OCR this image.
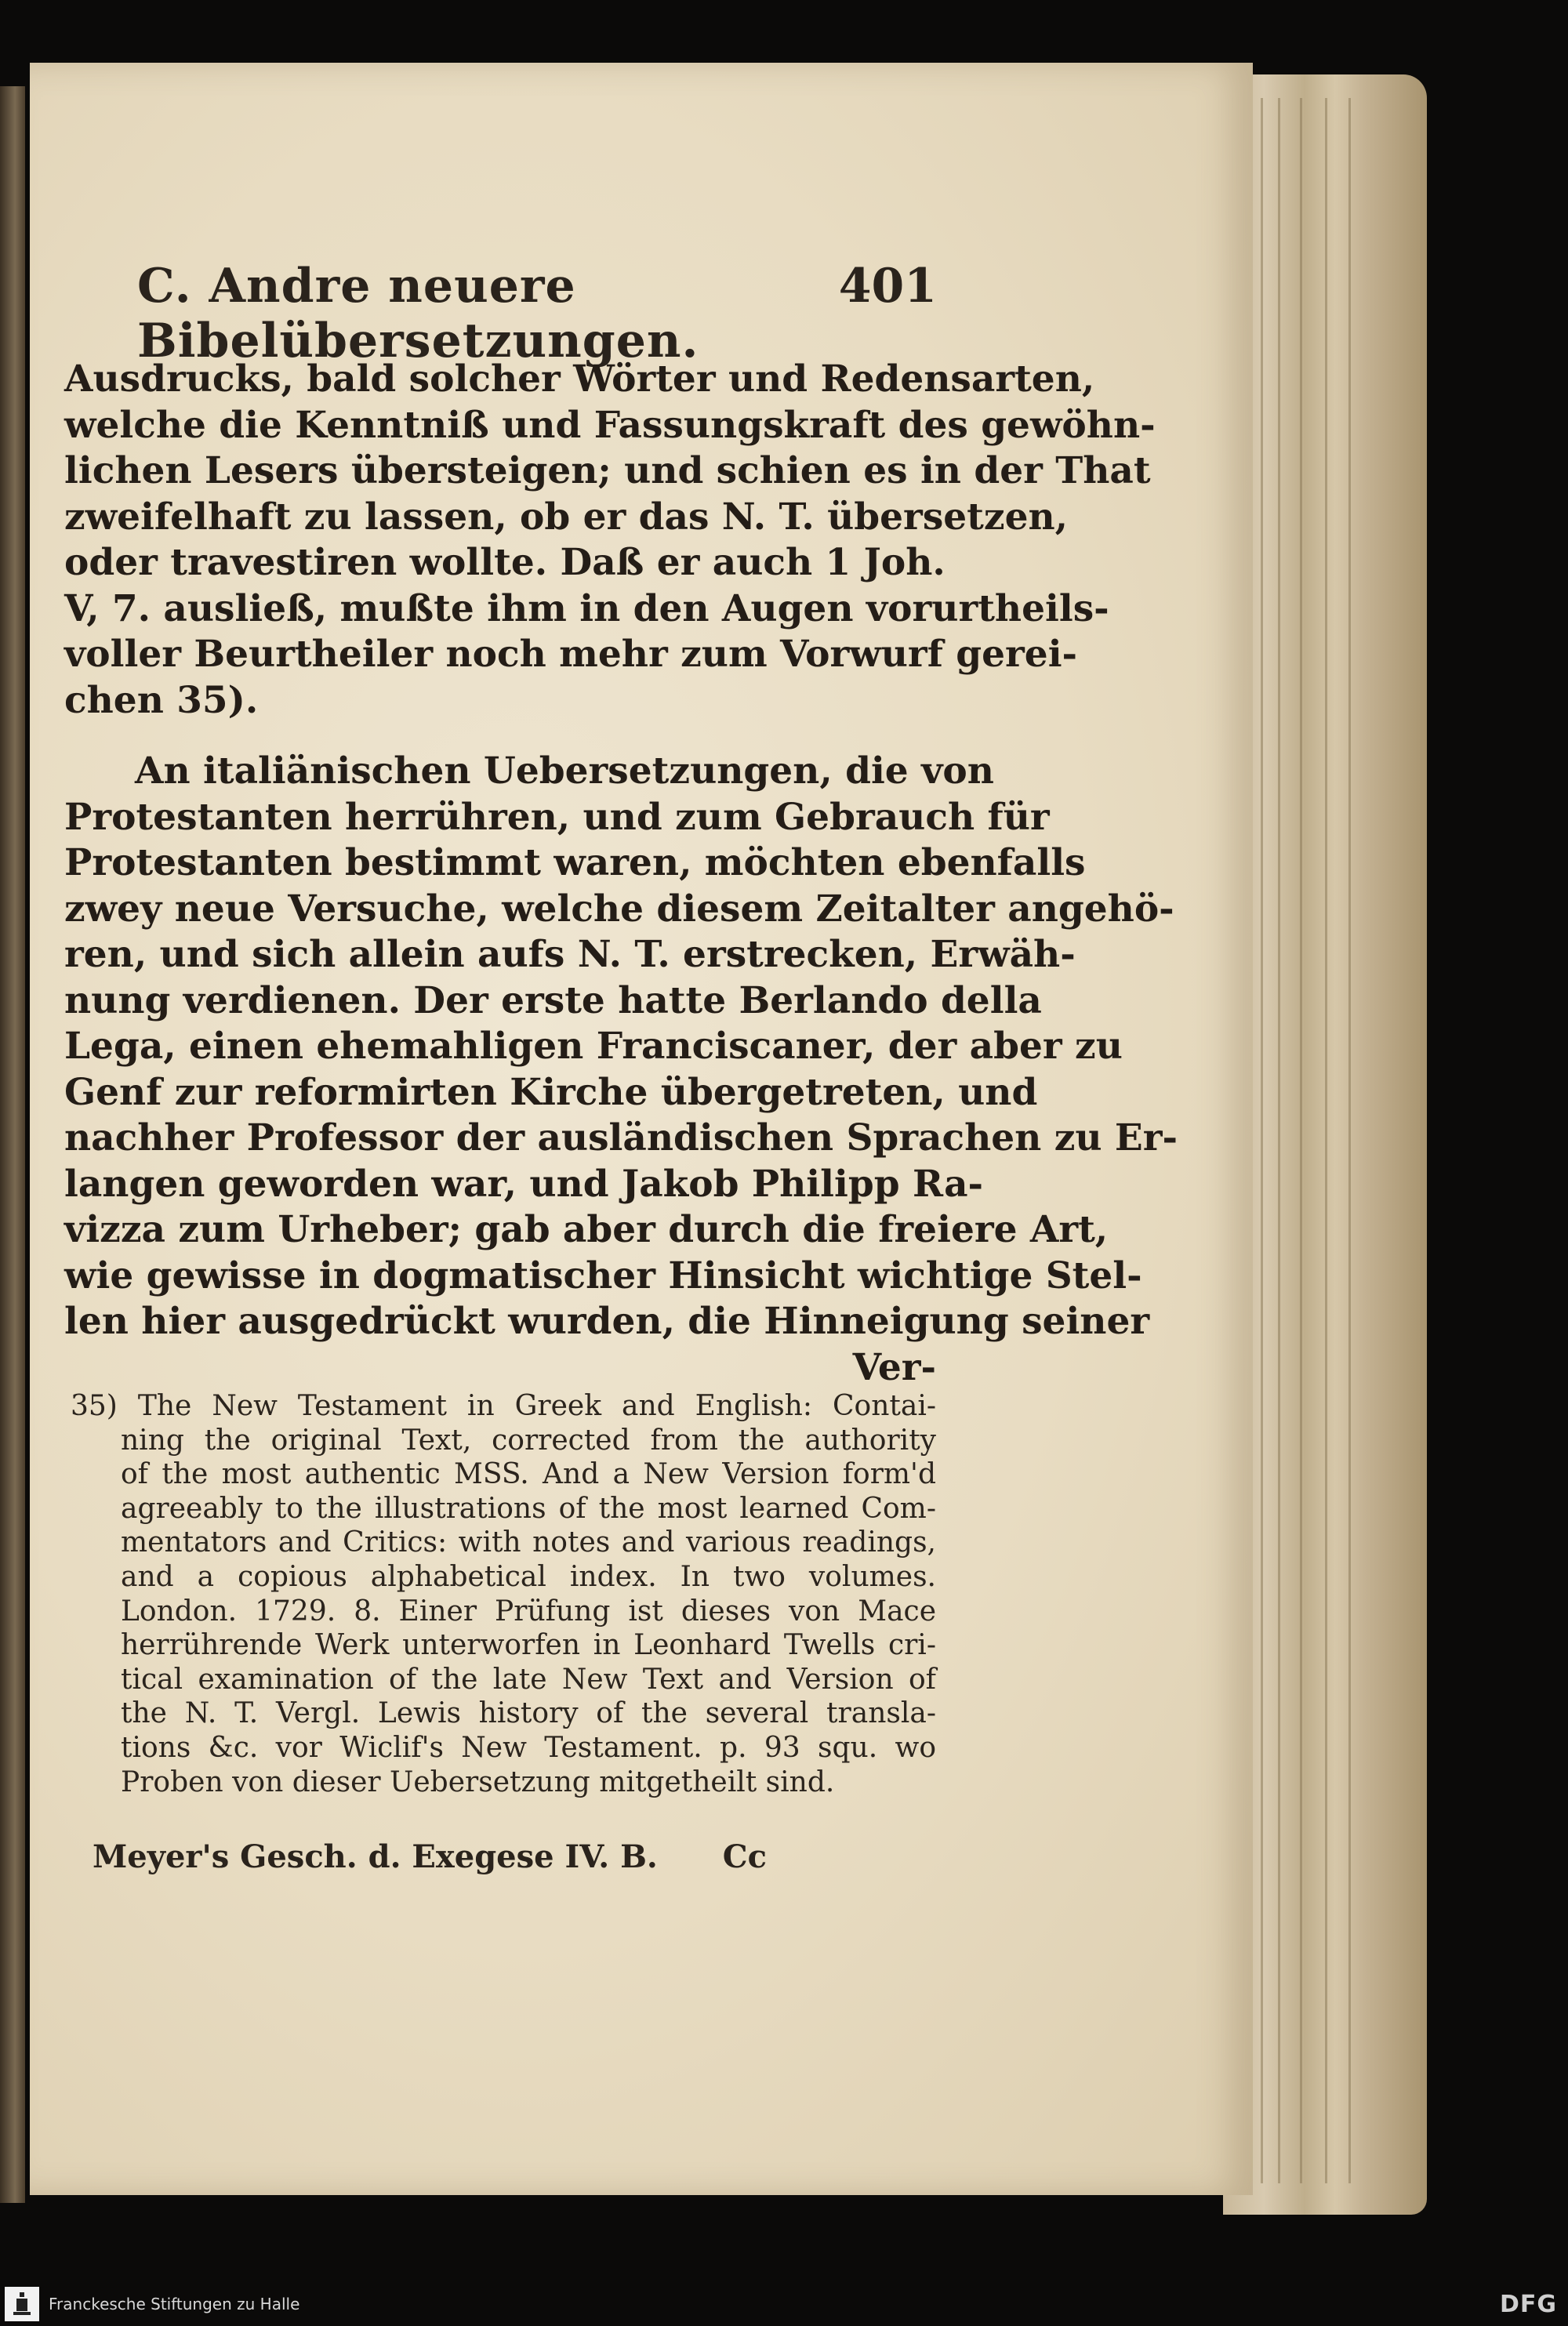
C. Andre neuere Bibelübersetzungen.
401
Ausdrucks, bald solcher Wörter und Redensarten,
welche die Kenntniß und Fassungskraft des gewöhn-
lichen Lesers übersteigen; und schien es in der That
zweifelhaft zu lassen, ob er das N. T. übersetzen,
oder travestiren wollte. Daß er auch 1 Joh.
V, 7. ausließ, mußte ihm in den Augen vorurtheils-
voller Beurtheiler noch mehr zum Vorwurf gerei-
chen 35).
An italiänischen Uebersetzungen, die von
Protestanten herrühren, und zum Gebrauch für
Protestanten bestimmt waren, möchten ebenfalls
zwey neue Versuche, welche diesem Zeitalter angehö-
ren, und sich allein aufs N. T. erstrecken, Erwäh-
nung verdienen. Der erste hatte Berlando della
Lega, einen ehemahligen Franciscaner, der aber zu
Genf zur reformirten Kirche übergetreten, und
nachher Professor der ausländischen Sprachen zu Er-
langen geworden war, und Jakob Philipp Ra-
vizza zum Urheber; gab aber durch die freiere Art,
wie gewisse in dogmatischer Hinsicht wichtige Stel-
len hier ausgedrückt wurden, die Hinneigung seiner
Ver-
35) The New Testament in Greek and English: Contai-
ning the original Text, corrected from the authority
of the most authentic MSS. And a New Version form'd
agreeably to the illustrations of the most learned Com-
mentators and Critics: with notes and various readings,
and a copious alphabetical index. In two volumes.
London. 1729. 8. Einer Prüfung ist dieses von Mace
herrührende Werk unterworfen in Leonhard Twells cri-
tical examination of the late New Text and Version of
the N. T. Vergl. Lewis history of the several transla-
tions &c. vor Wiclif's New Testament. p. 93 squ. wo
Proben von dieser Uebersetzung mitgetheilt sind.
Meyer's Gesch. d. Exegese IV. B. Cc
Franckesche Stiftungen zu Halle	DFG
